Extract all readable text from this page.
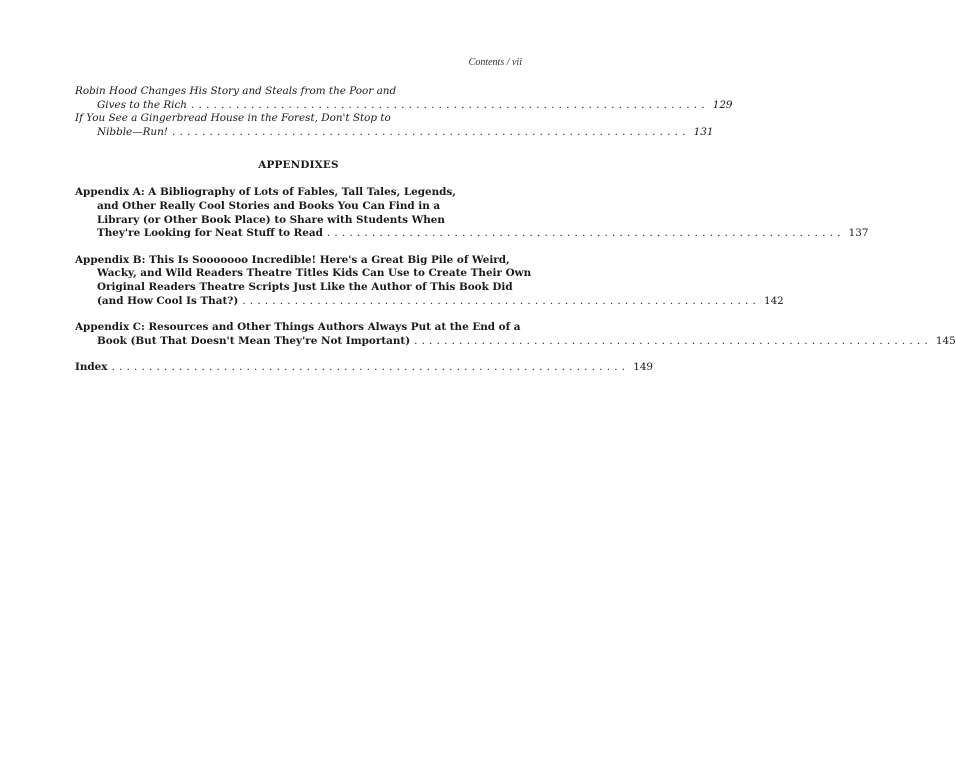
Contents / vii
Robin Hood Changes His Story and Steals from the Poor and
Gives to the Rich ..................................................................... 129
If You See a Gingerbread House in the Forest, Don't Stop to
Nibble—Run! ..................................................................... 131
APPENDIXES
Appendix A: A Bibliography of Lots of Fables, Tall Tales, Legends,
and Other Really Cool Stories and Books You Can Find in a
Library (or Other Book Place) to Share with Students When
They're Looking for Neat Stuff to Read ..................................................................... 137
Appendix B: This Is Sooooooo Incredible! Here's a Great Big Pile of Weird,
Wacky, and Wild Readers Theatre Titles Kids Can Use to Create Their Own
Original Readers Theatre Scripts Just Like the Author of This Book Did
(and How Cool Is That?) ..................................................................... 142
Appendix C: Resources and Other Things Authors Always Put at the End of a
Book (But That Doesn't Mean They're Not Important) ..................................................................... 145
Index ..................................................................... 149
